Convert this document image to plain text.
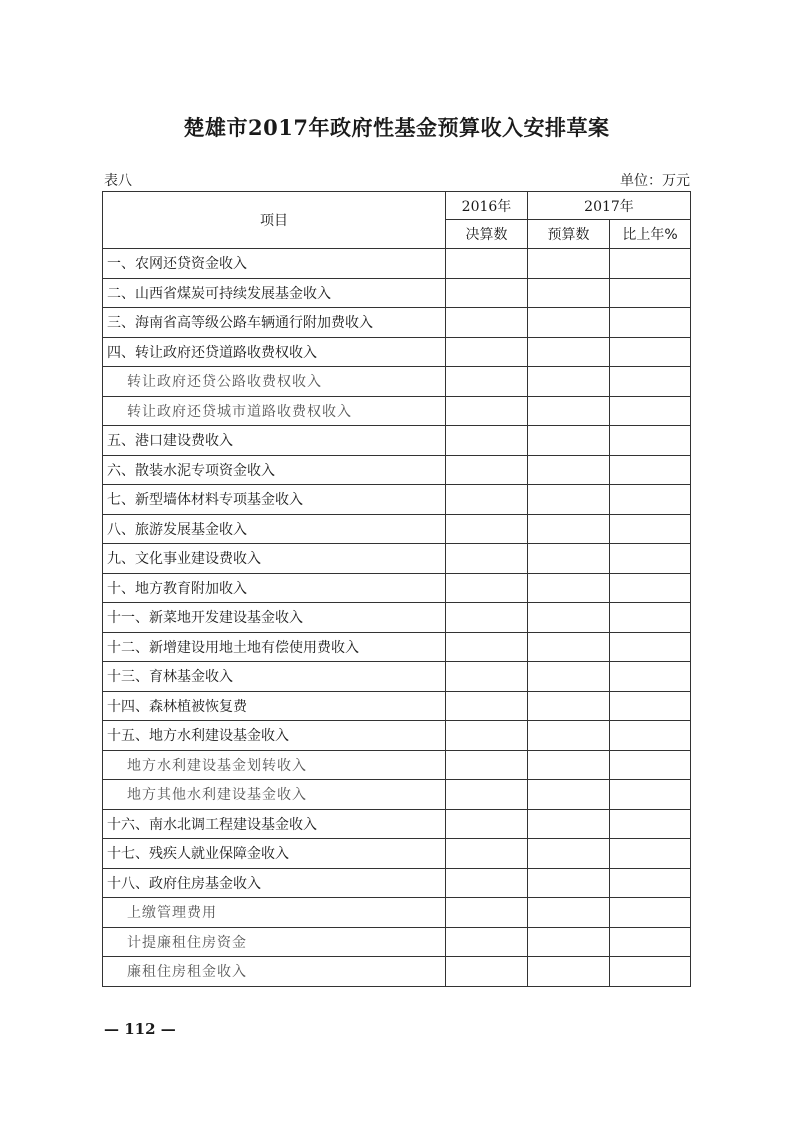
楚雄市2017年政府性基金预算收入安排草案
表八	单位：万元
项目	2016年	2017年	
	决算数	预算数	比上年%
一、农网还贷资金收入			
二、山西省煤炭可持续发展基金收入			
三、海南省高等级公路车辆通行附加费收入			
四、转让政府还贷道路收费权收入			
转让政府还贷公路收费权收入			
转让政府还贷城市道路收费权收入			
五、港口建设费收入			
六、散装水泥专项资金收入			
七、新型墙体材料专项基金收入			
八、旅游发展基金收入			
九、文化事业建设费收入			
十、地方教育附加收入			
十一、新菜地开发建设基金收入			
十二、新增建设用地土地有偿使用费收入			
十三、育林基金收入			
十四、森林植被恢复费			
十五、地方水利建设基金收入			
地方水利建设基金划转收入			
地方其他水利建设基金收入			
十六、南水北调工程建设基金收入			
十七、残疾人就业保障金收入			
十八、政府住房基金收入			
上缴管理费用			
计提廉租住房资金			
廉租住房租金收入			
— 112 —
